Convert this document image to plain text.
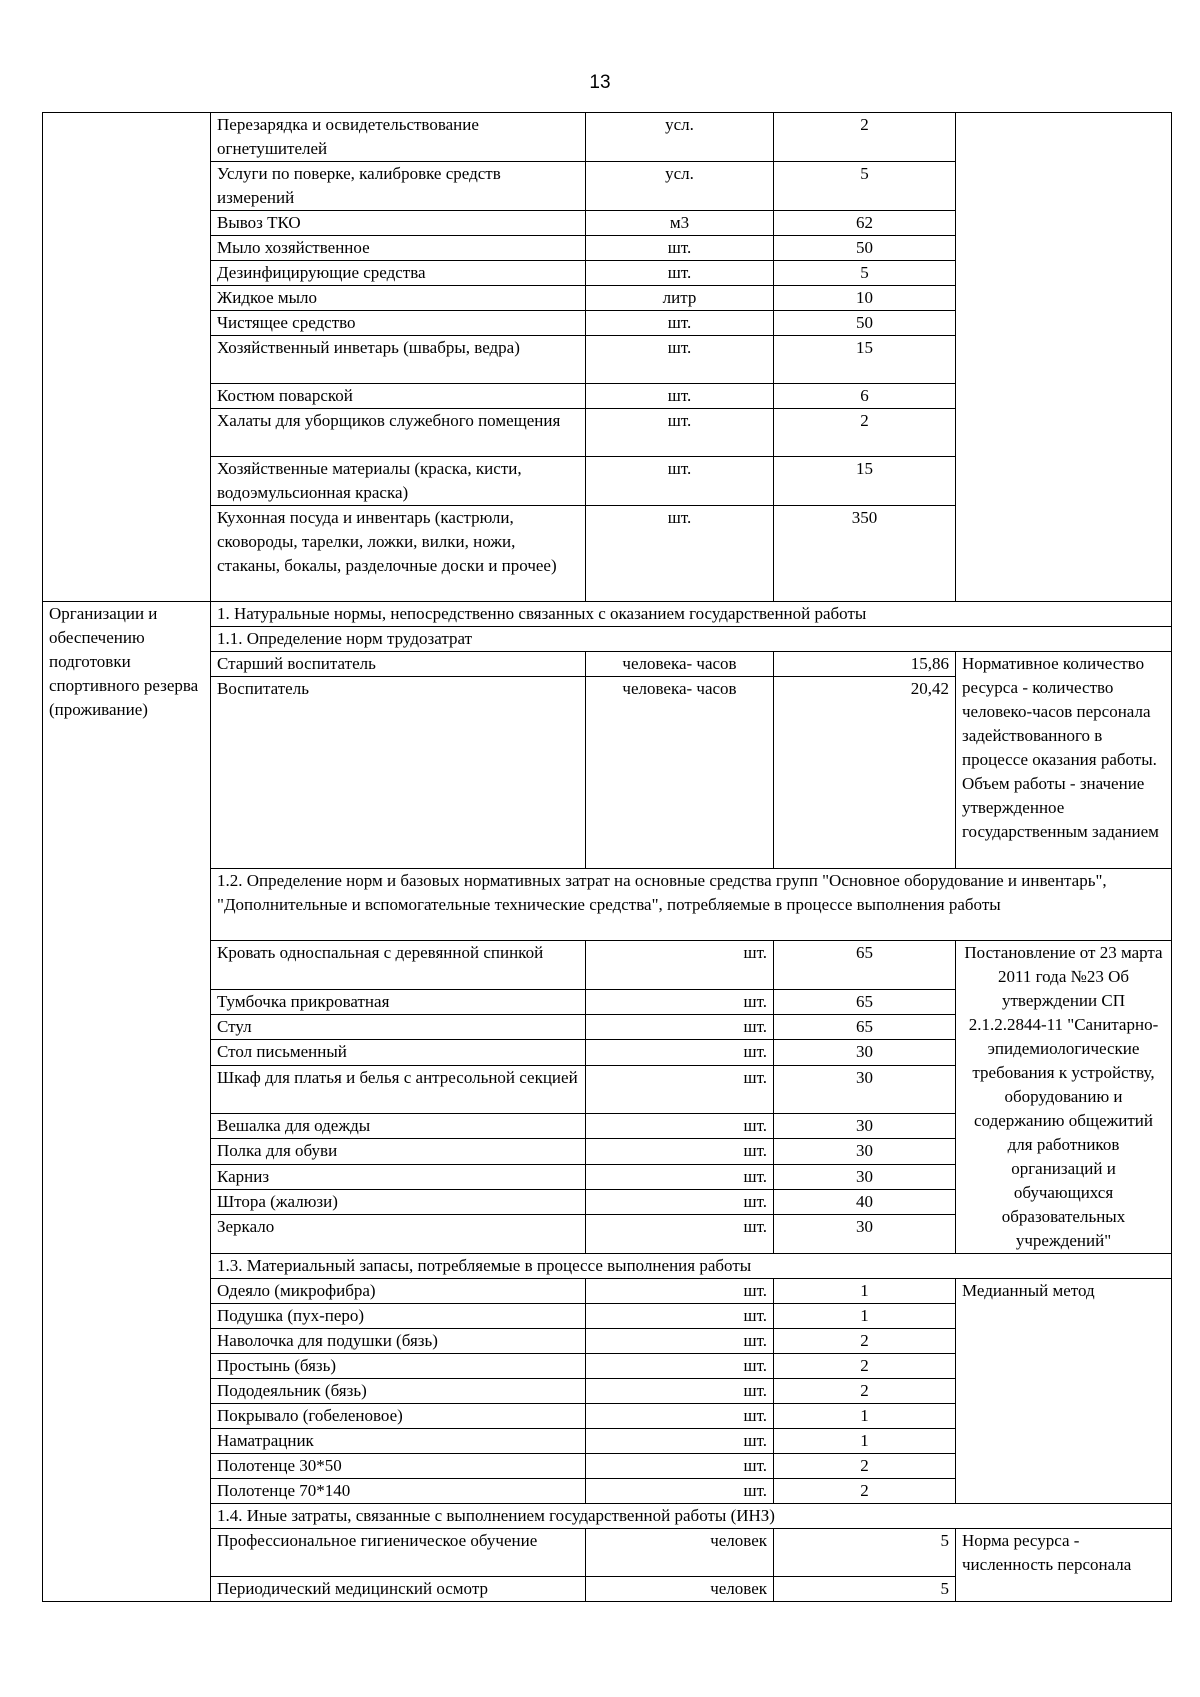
13
	Перезарядка и освидетельствование огнетушителей	усл.	2	
	Услуги по поверке, калибровке средств измерений	усл.	5	
	Вывоз ТКО	м3	62	
	Мыло хозяйственное	шт.	50	
	Дезинфицирующие средства	шт.	5	
	Жидкое мыло	литр	10	
	Чистящее средство	шт.	50	
	Хозяйственный инветарь (швабры, ведра)	шт.	15	
	Костюм поварской	шт.	6	
	Халаты для уборщиков служебного помещения	шт.	2	
	Хозяйственные материалы (краска, кисти, водоэмульсионная краска)	шт.	15	
	Кухонная посуда и инвентарь (кастрюли, сковороды, тарелки, ложки, вилки, ножи, стаканы, бокалы, разделочные доски и прочее)	шт.	350	
Организации и обеспечению подготовки спортивного резерва (проживание)	1. Натуральные нормы, непосредственно связанных с оказанием государственной работы			
	1.1. Определение норм трудозатрат			
	Старший воспитатель	человека- часов	15,86	Нормативное количество ресурса - количество человеко-часов персонала задействованного в процессе оказания работы. Объем работы - значение утвержденное государственным заданием
	Воспитатель	человека- часов	20,42	
	1.2. Определение норм и базовых нормативных затрат на основные средства групп "Основное оборудование и инвентарь", "Дополнительные и вспомогательные технические средства", потребляемые в процессе выполнения работы			
	Кровать односпальная с деревянной спинкой	шт.	65	Постановление от 23 марта 2011 года №23 Об утверждении СП 2.1.2.2844-11 "Санитарно-эпидемиологические требования к устройству, оборудованию и содержанию общежитий для работников организаций и обучающихся образовательных учреждений"
	Тумбочка прикроватная	шт.	65	
	Стул	шт.	65	
	Стол письменный	шт.	30	
	Шкаф для платья и белья с антресольной секцией	шт.	30	
	Вешалка для одежды	шт.	30	
	Полка для обуви	шт.	30	
	Карниз	шт.	30	
	Штора (жалюзи)	шт.	40	
	Зеркало	шт.	30	
	1.3. Материальный запасы, потребляемые в процессе выполнения работы			
	Одеяло (микрофибра)	шт.	1	Медианный метод
	Подушка (пух-перо)	шт.	1	
	Наволочка для подушки (бязь)	шт.	2	
	Простынь (бязь)	шт.	2	
	Пододеяльник (бязь)	шт.	2	
	Покрывало (гобеленовое)	шт.	1	
	Наматрацник	шт.	1	
	Полотенце 30*50	шт.	2	
	Полотенце 70*140	шт.	2	
	1.4. Иные затраты, связанные с выполнением государственной работы (ИНЗ)			
	Профессиональное гигиеническое обучение	человек	5	Норма ресурса - численность персонала
	Периодический медицинский осмотр	человек	5	
